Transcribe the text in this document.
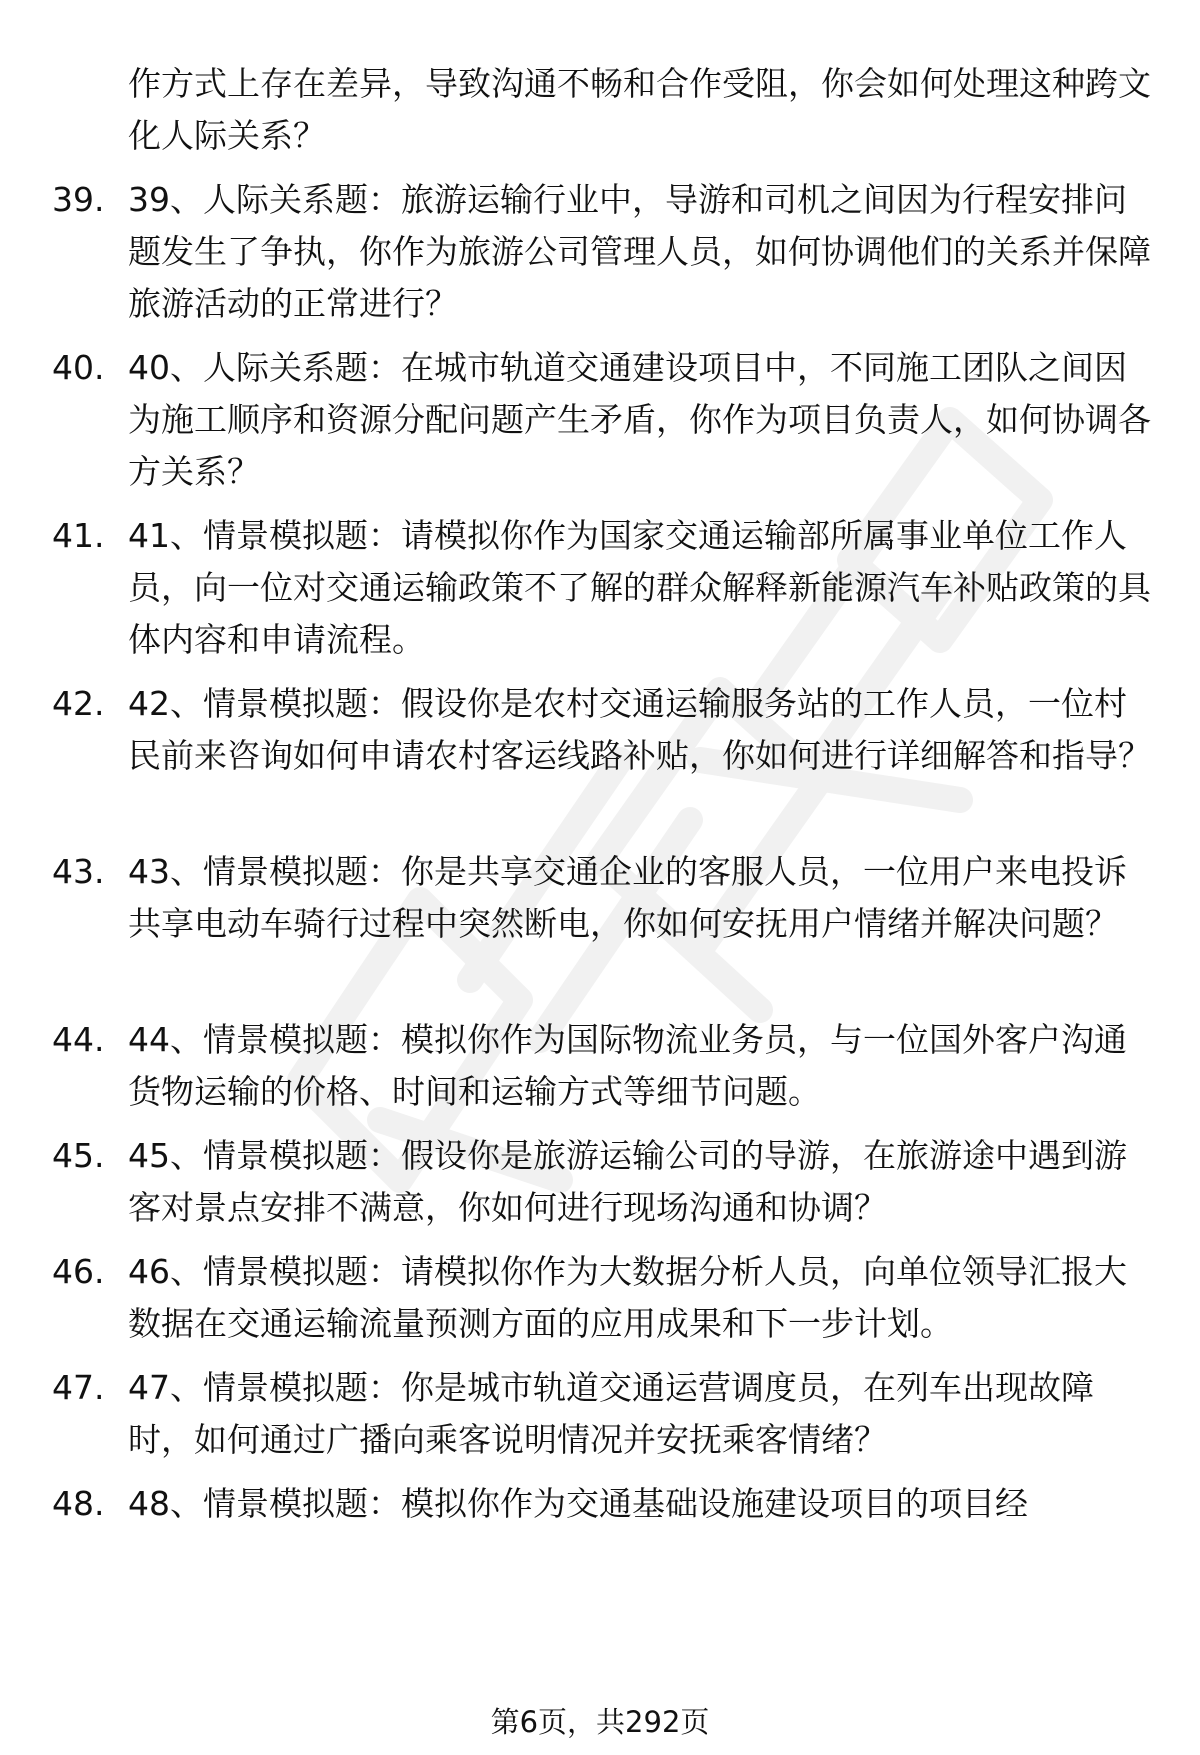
作方式上存在差异，导致沟通不畅和合作受阻，你会如何处理这种跨文化人际关系？
39. 39、人际关系题：旅游运输行业中，导游和司机之间因为行程安排问题发生了争执，你作为旅游公司管理人员，如何协调他们的关系并保障旅游活动的正常进行？
40. 40、人际关系题：在城市轨道交通建设项目中，不同施工团队之间因为施工顺序和资源分配问题产生矛盾，你作为项目负责人，如何协调各方关系？
41. 41、情景模拟题：请模拟你作为国家交通运输部所属事业单位工作人员，向一位对交通运输政策不了解的群众解释新能源汽车补贴政策的具体内容和申请流程。
42. 42、情景模拟题：假设你是农村交通运输服务站的工作人员，一位村民前来咨询如何申请农村客运线路补贴，你如何进行详细解答和指导？
43. 43、情景模拟题：你是共享交通企业的客服人员，一位用户来电投诉共享电动车骑行过程中突然断电，你如何安抚用户情绪并解决问题？
44. 44、情景模拟题：模拟你作为国际物流业务员，与一位国外客户沟通货物运输的价格、时间和运输方式等细节问题。
45. 45、情景模拟题：假设你是旅游运输公司的导游，在旅游途中遇到游客对景点安排不满意，你如何进行现场沟通和协调？
46. 46、情景模拟题：请模拟你作为大数据分析人员，向单位领导汇报大数据在交通运输流量预测方面的应用成果和下一步计划。
47. 47、情景模拟题：你是城市轨道交通运营调度员，在列车出现故障时，如何通过广播向乘客说明情况并安抚乘客情绪？
48. 48、情景模拟题：模拟你作为交通基础设施建设项目的项目经
第6页，共292页
